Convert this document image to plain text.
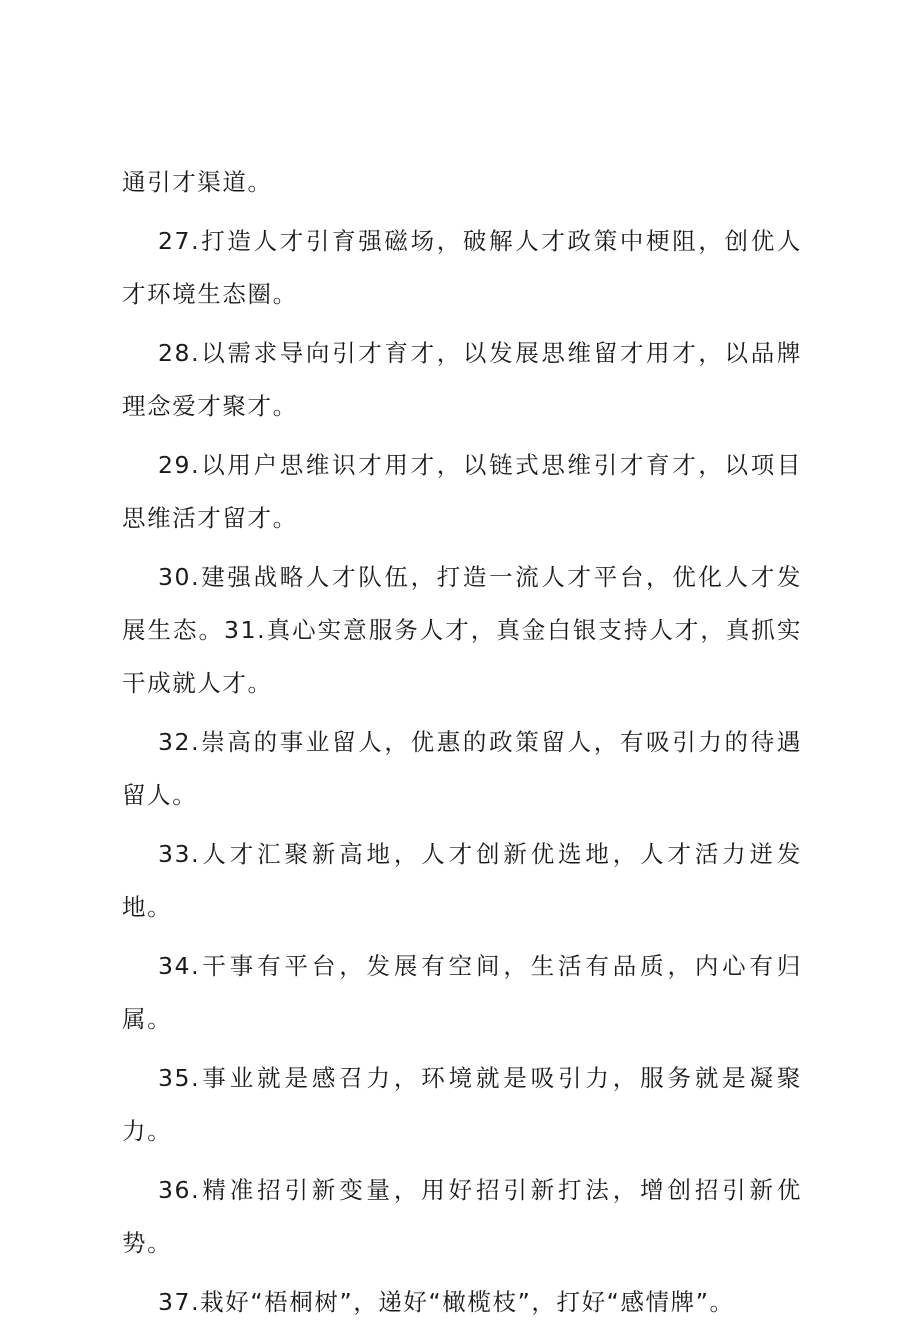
通引才渠道。

27.打造人才引育强磁场，破解人才政策中梗阻，创优人才环境生态圈。

28.以需求导向引才育才，以发展思维留才用才，以品牌理念爱才聚才。

29.以用户思维识才用才，以链式思维引才育才，以项目思维活才留才。

30.建强战略人才队伍，打造一流人才平台，优化人才发展生态。31.真心实意服务人才，真金白银支持人才，真抓实干成就人才。

32.崇高的事业留人，优惠的政策留人，有吸引力的待遇留人。

33.人才汇聚新高地，人才创新优选地，人才活力迸发地。

34.干事有平台，发展有空间，生活有品质，内心有归属。

35.事业就是感召力，环境就是吸引力，服务就是凝聚力。

36.精准招引新变量，用好招引新打法，增创招引新优势。

37.栽好“梧桐树”，递好“橄榄枝”，打好“感情牌”。
